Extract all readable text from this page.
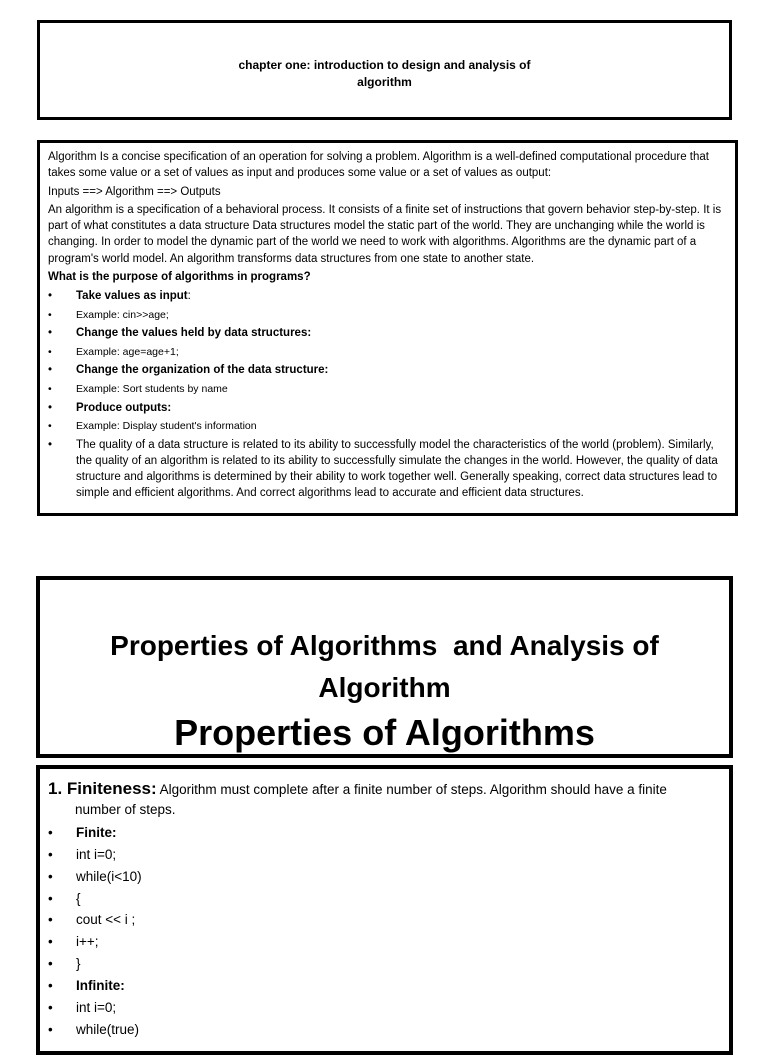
chapter one: introduction to design and analysis of
algorithm

Algorithm Is a concise specification of an operation for solving a problem. Algorithm is a well-defined computational procedure that takes some value or a set of values as input and produces some value or a set of values as output:

Inputs ==> Algorithm ==> Outputs

An algorithm is a specification of a behavioral process. It consists of a finite set of instructions that govern behavior step-by-step. It is part of what constitutes a data structure Data structures model the static part of the world. They are unchanging while the world is changing. In order to model the dynamic part of the world we need to work with algorithms. Algorithms are the dynamic part of a program's world model. An algorithm transforms data structures from one state to another state.

What is the purpose of algorithms in programs?

• Take values as input:
• Example: cin>>age;
• Change the values held by data structures:
• Example: age=age+1;
• Change the organization of the data structure:
• Example: Sort students by name
• Produce outputs:
• Example: Display student's information
• The quality of a data structure is related to its ability to successfully model the characteristics of the world (problem). Similarly, the quality of an algorithm is related to its ability to successfully simulate the changes in the world. However, the quality of data structure and algorithms is determined by their ability to work together well. Generally speaking, correct data structures lead to simple and efficient algorithms. And correct algorithms lead to accurate and efficient data structures.
Properties of Algorithms  and Analysis of
Algorithm
Properties of Algorithms

1. Finiteness: Algorithm must complete after a finite number of steps. Algorithm should have a finite
number of steps.

• Finite:
• int i=0;
• while(i<10)
• {
• cout << i ;
• i++;
• }
• Infinite:
• int i=0;
• while(true)
